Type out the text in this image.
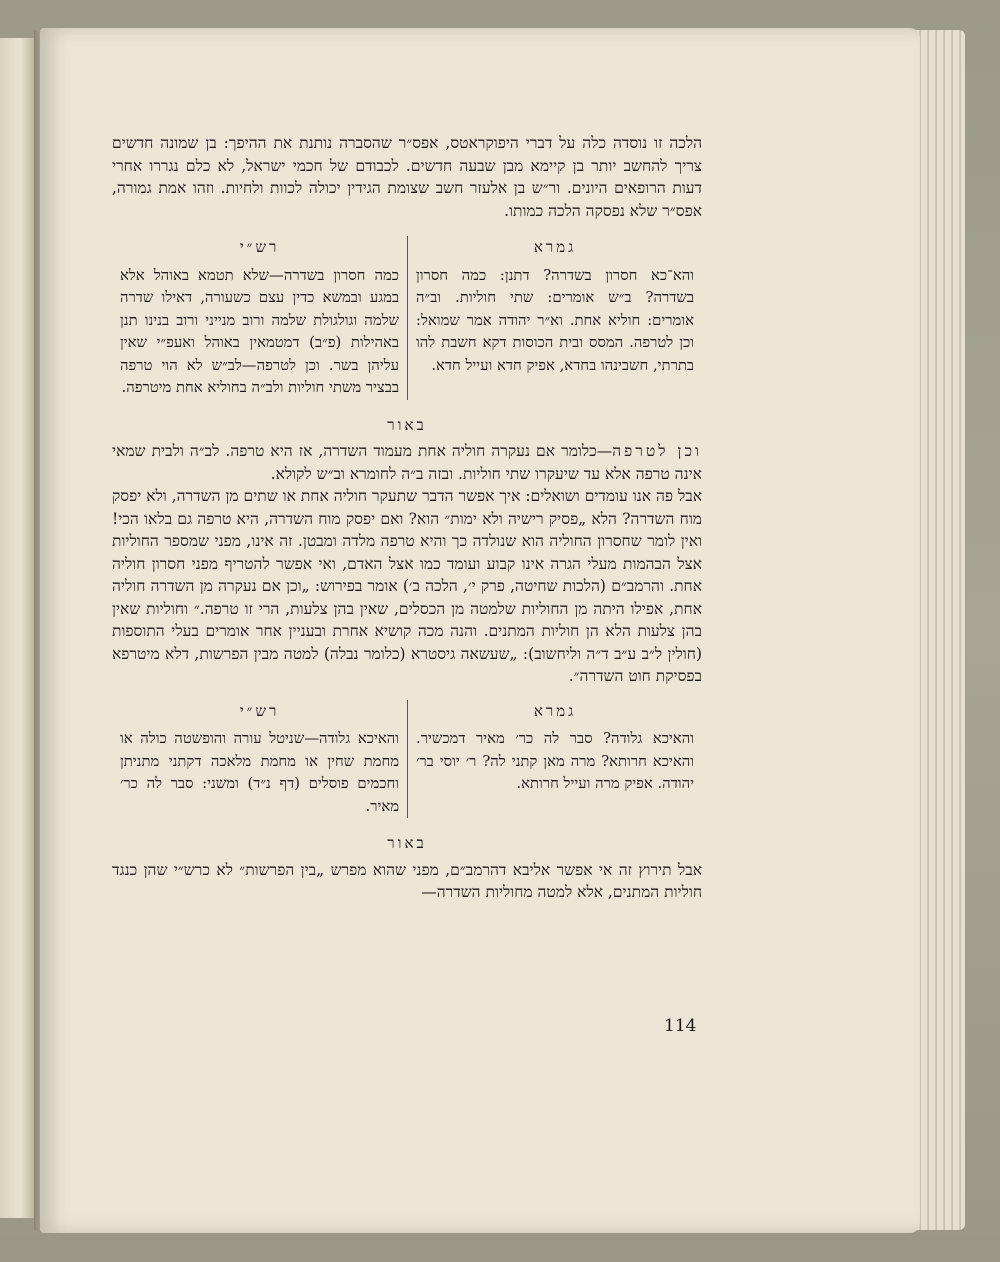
הלכה זו נוסדה כלה על דברי היפוקראטס, אפס״ר שהסברה נותנת את ההיפך: בן שמונה חדשים צריך להחשב יותר בן קיימא מבן שבעה חדשים. לכבודם של חכמי ישראל, לא כלם נגררו אחרי דעות הרופאים היונים. ור״ש בן אלעזר חשב שצומת הגידין יכולה לכוות ולחיות. וזהו אמת גמורה, אפס״ר שלא נפסקה הלכה כמותו.

גמרא

והא־כא חסרון בשדרה? דתנן: כמה חסרון בשדרה? ב״ש אומרים: שתי חוליות. וב״ה אומרים: חוליא אחת. וא״ר יהודה אמר שמואל: וכן לטרפה. המסס ובית הכוסות דקא חשבת להו בתרתי, חשבינהו בחדא, אפיק חדא ועייל חדא.

רש״י

כמה חסרון בשדרה—שלא תטמא באוהל אלא במגע ובמשא כדין עצם כשעורה, דאילו שדרה שלמה וגולגולת שלמה ורוב מנייני ורוב בנינו תנן באהילות (פ״ב) דמטמאין באוהל ואעפ״י שאין עליהן בשר. וכן לטרפה—לב״ש לא הוי טרפה בבציר משתי חוליות ולב״ה בחוליא אחת מיטרפה.

באור

וכן לטרפה—כלומר אם נעקרה חוליה אחת מעמוד השדרה, אז היא טרפה. לב״ה ולבית שמאי אינה טרפה אלא עד שיעקרו שתי חוליות. ובזה ב״ה לחומרא וב״ש לקולא.

אבל פה אנו עומדים ושואלים: איך אפשר הדבר שתעקר חוליה אחת או שתים מן השדרה, ולא יפסק מוח השדרה? הלא „פסיק רישיה ולא ימות״ הוא? ואם יפסק מוח השדרה, היא טרפה גם בלאו הכי! ואין לומר שחסרון החוליה הוא שנולדה כך והיא טרפה מלדה ומבטן. זה אינו, מפני שמספר החוליות אצל הבהמות מעלי הגרה אינו קבוע ועומד כמו אצל האדם, ואי אפשר להטריף מפני חסרון חוליה אחת. והרמב״ם (הלכות שחיטה, פרק י׳, הלכה ב׳) אומר בפירוש: „וכן אם נעקרה מן השדרה חוליה אחת, אפילו היתה מן החוליות שלמטה מן הכסלים, שאין בהן צלעות, הרי זו טרפה.״ וחוליות שאין בהן צלעות הלא הן חוליות המתנים. והנה מכה קושיא אחרת ובעניין אחר אומרים בעלי התוספות (חולין ל״ב ע״ב ד״ה וליחשוב): „שעשאה גיסטרא (כלומר נבלה) למטה מבין הפרשות, דלא מיטרפא בפסיקת חוט השדרה״.

גמרא

והאיכא גלודה? סבר לה כר׳ מאיר דמכשיר. והאיכא חרותא? מרה מאן קתני לה? ר׳ יוסי בר׳ יהודה. אפיק מרה ועייל חרותא.

רש״י

והאיכא גלודה—שניטל עורה והופשטה כולה או מחמת שחין או מחמת מלאכה דקתני מתניתן וחכמים פוסלים (דף נ״ד) ומשני: סבר לה כר׳ מאיר.

באור

אבל תירוץ זה אי אפשר אליבא דהרמב״ם, מפני שהוא מפרש „בין הפרשות״ לא כרש״י שהן כנגד חוליות המתנים, אלא למטה מחוליות השדרה—

114
